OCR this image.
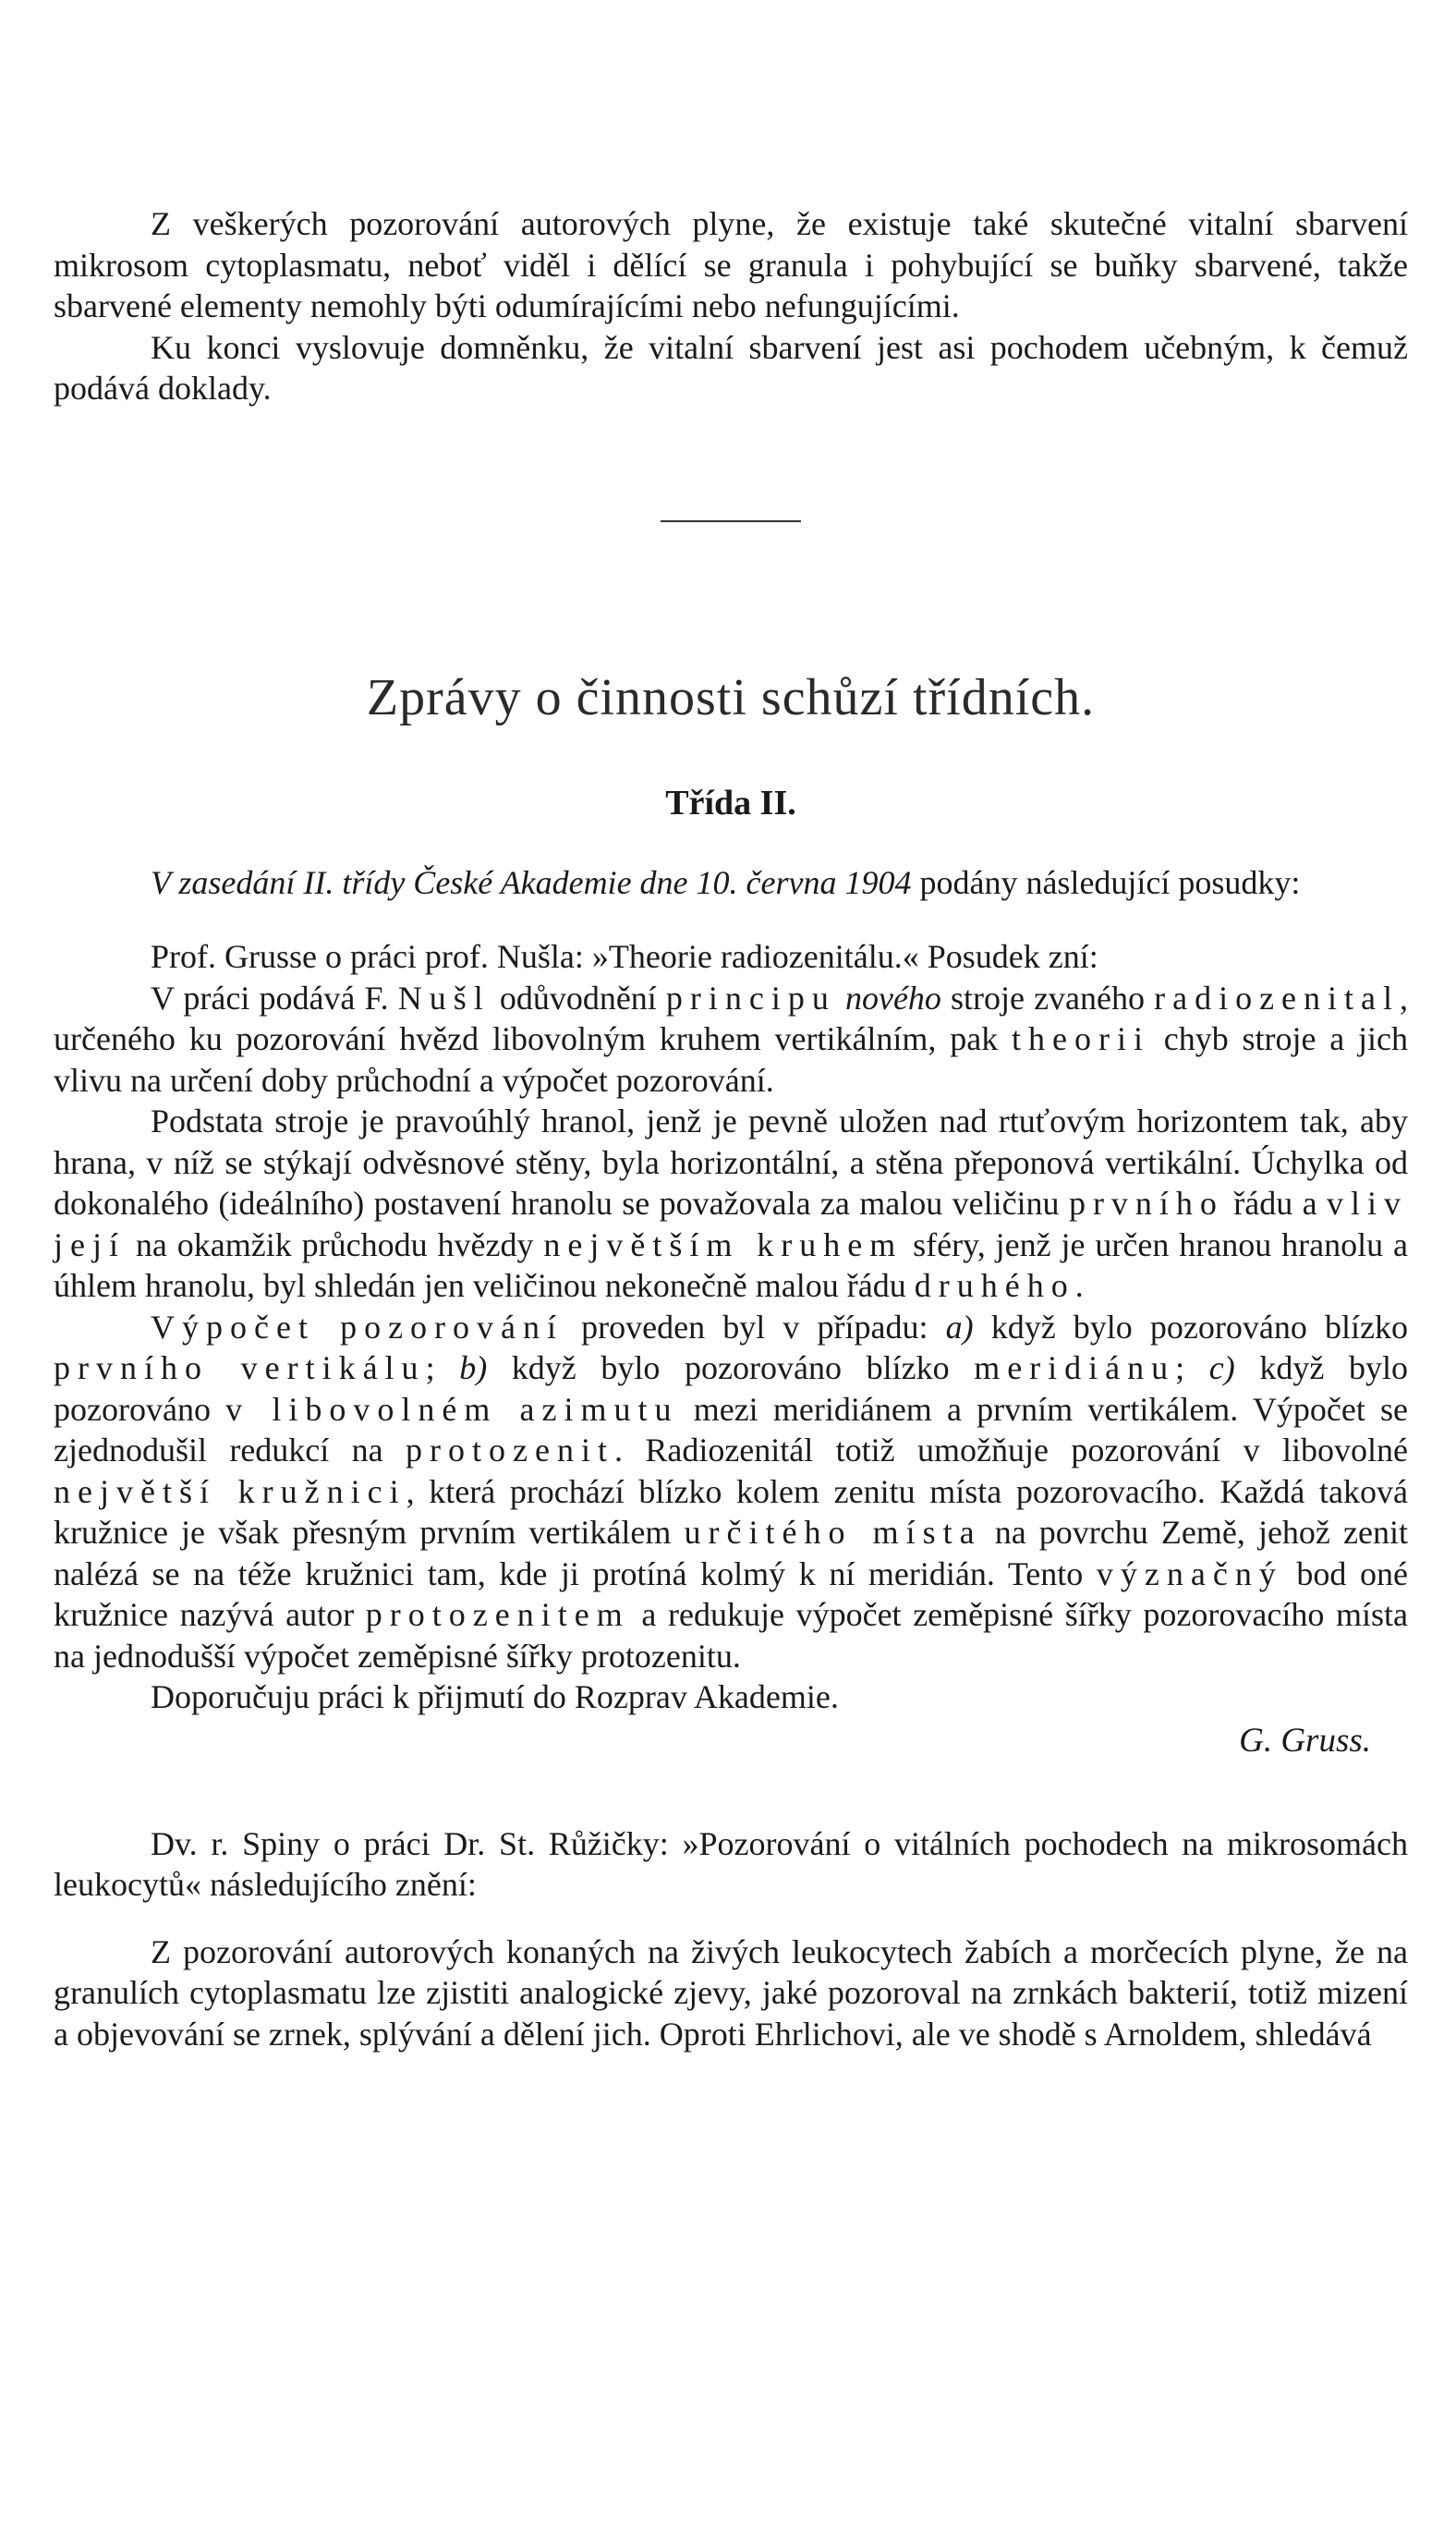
Z veškerých pozorování autorových plyne, že existuje také skutečné vitalní sbarvení mikrosom cytoplasmatu, neboť viděl i dělící se granula i pohybující se buňky sbarvené, takže sbarvené elementy nemohly býti odumírajícími nebo nefungujícími.

Ku konci vyslovuje domněnku, že vitalní sbarvení jest asi pochodem učebným, k čemuž podává doklady.

Zprávy o činnosti schůzí třídních.
Třída II.

V zasedání II. třídy České Akademie dne 10. června 1904 podány následující posudky:

Prof. Grusse o práci prof. Nušla: »Theorie radiozenitálu.« Posudek zní:

V práci podává F. Nušl odůvodnění principu nového stroje zvaného radiozenital, určeného ku pozorování hvězd libovolným kruhem vertikálním, pak theorii chyb stroje a jich vlivu na určení doby průchodní a výpočet pozorování.

Podstata stroje je pravoúhlý hranol, jenž je pevně uložen nad rtuťovým horizontem tak, aby hrana, v níž se stýkají odvěsnové stěny, byla horizontální, a stěna přeponová vertikální. Úchylka od dokonalého (ideálního) postavení hranolu se považovala za malou veličinu prvního řádu a vliv její na okamžik průchodu hvězdy největším kruhem sféry, jenž je určen hranou hranolu a úhlem hranolu, byl shledán jen veličinou nekonečně malou řádu druhého.

Výpočet pozorování proveden byl v případu: a) když bylo pozorováno blízko prvního vertikálu; b) když bylo pozorováno blízko meridiánu; c) když bylo pozorováno v libovolném azimutu mezi meridiánem a prvním vertikálem. Výpočet se zjednodušil redukcí na protozenit. Radiozenitál totiž umožňuje pozorování v libovolné největší kružnici, která prochází blízko kolem zenitu místa pozorovacího. Každá taková kružnice je však přesným prvním vertikálem určitého místa na povrchu Země, jehož zenit nalézá se na téže kružnici tam, kde ji protíná kolmý k ní meridián. Tento význačný bod oné kružnice nazývá autor protozenitem a redukuje výpočet zeměpisné šířky pozorovacího místa na jednodušší výpočet zeměpisné šířky protozenitu.

Doporučuju práci k přijmutí do Rozprav Akademie.

G. Gruss.

Dv. r. Spiny o práci Dr. St. Růžičky: »Pozorování o vitálních pochodech na mikrosomách leukocytů« následujícího znění:

Z pozorování autorových konaných na živých leukocytech žabích a morčecích plyne, že na granulích cytoplasmatu lze zjistiti analogické zjevy, jaké pozoroval na zrnkách bakterií, totiž mizení a objevování se zrnek, splývání a dělení jich. Oproti Ehrlichovi, ale ve shodě s Arnoldem, shledává
